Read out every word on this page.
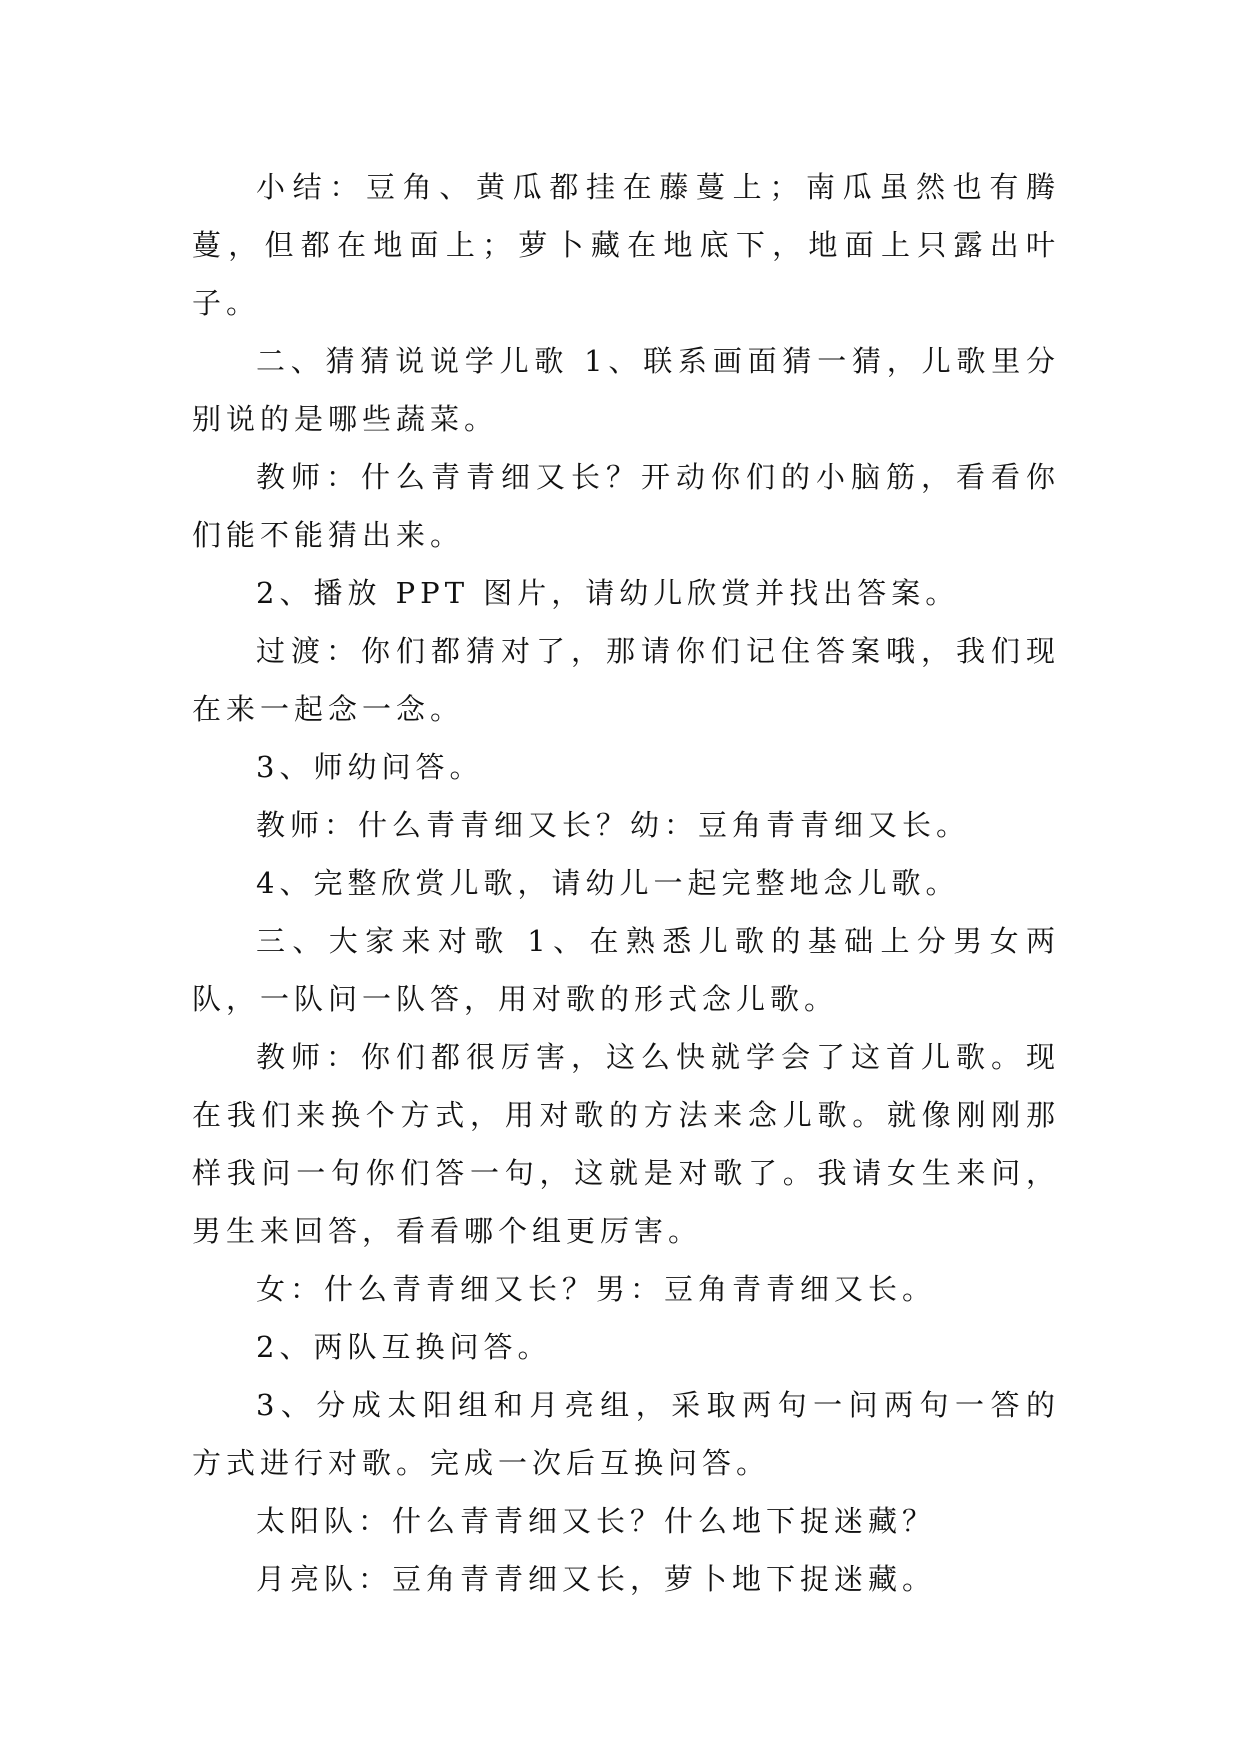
小结：豆角、黄瓜都挂在藤蔓上；南瓜虽然也有腾蔓，但都在地面上；萝卜藏在地底下，地面上只露出叶子。

二、猜猜说说学儿歌 1、联系画面猜一猜，儿歌里分别说的是哪些蔬菜。

教师：什么青青细又长？开动你们的小脑筋，看看你们能不能猜出来。

2、播放 PPT 图片，请幼儿欣赏并找出答案。

过渡：你们都猜对了，那请你们记住答案哦，我们现在来一起念一念。

3、师幼问答。

教师：什么青青细又长？幼：豆角青青细又长。

4、完整欣赏儿歌，请幼儿一起完整地念儿歌。

三、大家来对歌 1、在熟悉儿歌的基础上分男女两队，一队问一队答，用对歌的形式念儿歌。

教师：你们都很厉害，这么快就学会了这首儿歌。现在我们来换个方式，用对歌的方法来念儿歌。就像刚刚那样我问一句你们答一句，这就是对歌了。我请女生来问，男生来回答，看看哪个组更厉害。

女：什么青青细又长？男：豆角青青细又长。

2、两队互换问答。

3、分成太阳组和月亮组，采取两句一问两句一答的方式进行对歌。完成一次后互换问答。

太阳队：什么青青细又长？什么地下捉迷藏？

月亮队：豆角青青细又长，萝卜地下捉迷藏。
